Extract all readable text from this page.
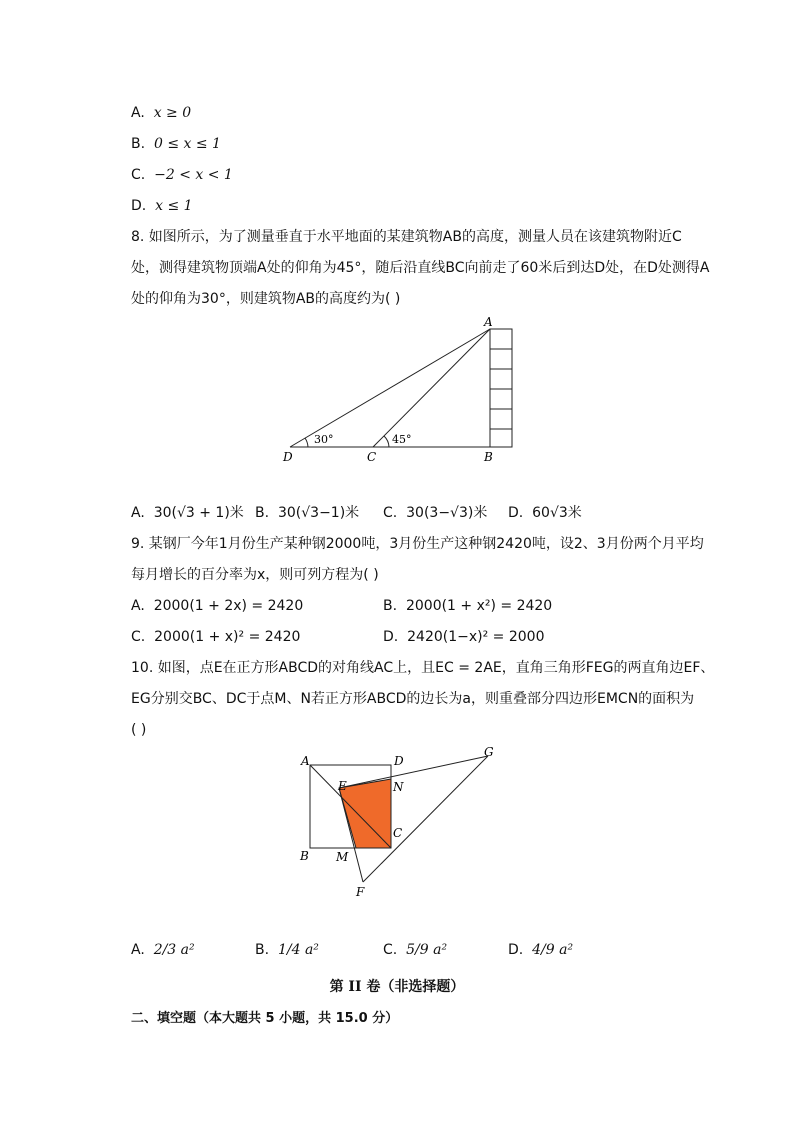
A. x ≥ 0
B. 0 ≤ x ≤ 1
C. −2 < x < 1
D. x ≤ 1
8. 如图所示，为了测量垂直于水平地面的某建筑物AB的高度，测量人员在该建筑物附近C
处，测得建筑物顶端A处的仰角为45°，随后沿直线BC向前走了60米后到达D处，在D处测得A
处的仰角为30°，则建筑物AB的高度约为( )
30°	45°
A
D	C	B
A. 30(√3 + 1)米 B. 30(√3−1)米 C. 30(3−√3)米 D. 60√3米
9. 某钢厂今年1月份生产某种钢2000吨，3月份生产这种钢2420吨，设2、3月份两个月平均
每月增长的百分率为x，则可列方程为( )
A. 2000(1 + 2x) = 2420	B. 2000(1 + x²) = 2420
C. 2000(1 + x)² = 2420	D. 2420(1−x)² = 2000
10. 如图，点E在正方形ABCD的对角线AC上，且EC = 2AE，直角三角形FEG的两直角边EF、
EG分别交BC、DC于点M、N若正方形ABCD的边长为a，则重叠部分四边形EMCN的面积为
( )
A	D
E	N
C
B M
F
G
A. 2/3 a²	B. 1/4 a²	C. 5/9 a²	D. 4/9 a²
第 II 卷（非选择题）
二、填空题（本大题共 5 小题，共 15.0 分）
